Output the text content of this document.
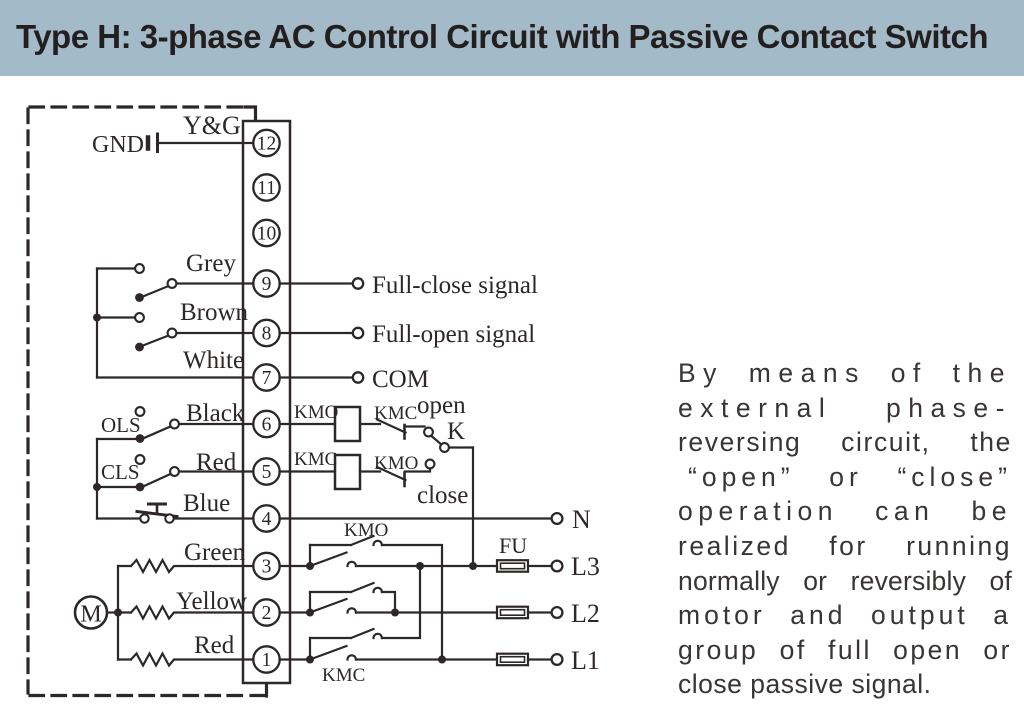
12
11
10
9
8
7
6
5
4
3
2
1
GND
Y&G
Grey
Brown
White
Black
Red
Blue
Green
Yellow
Red
OLS
CLS
Full-close signal
Full-open signal
COM
KMO KMC
KMC KMO
open
K
close
KMO
KMC
FU
N
L3
L2
L1
M
Type H: 3-phase AC Control Circuit with Passive Contact Switch
By means of the
external phase-
reversing circuit, the
“open” or “close”
operation can be
realized for running
normally or reversibly of
motor and output a
group of full open or
close passive signal.
